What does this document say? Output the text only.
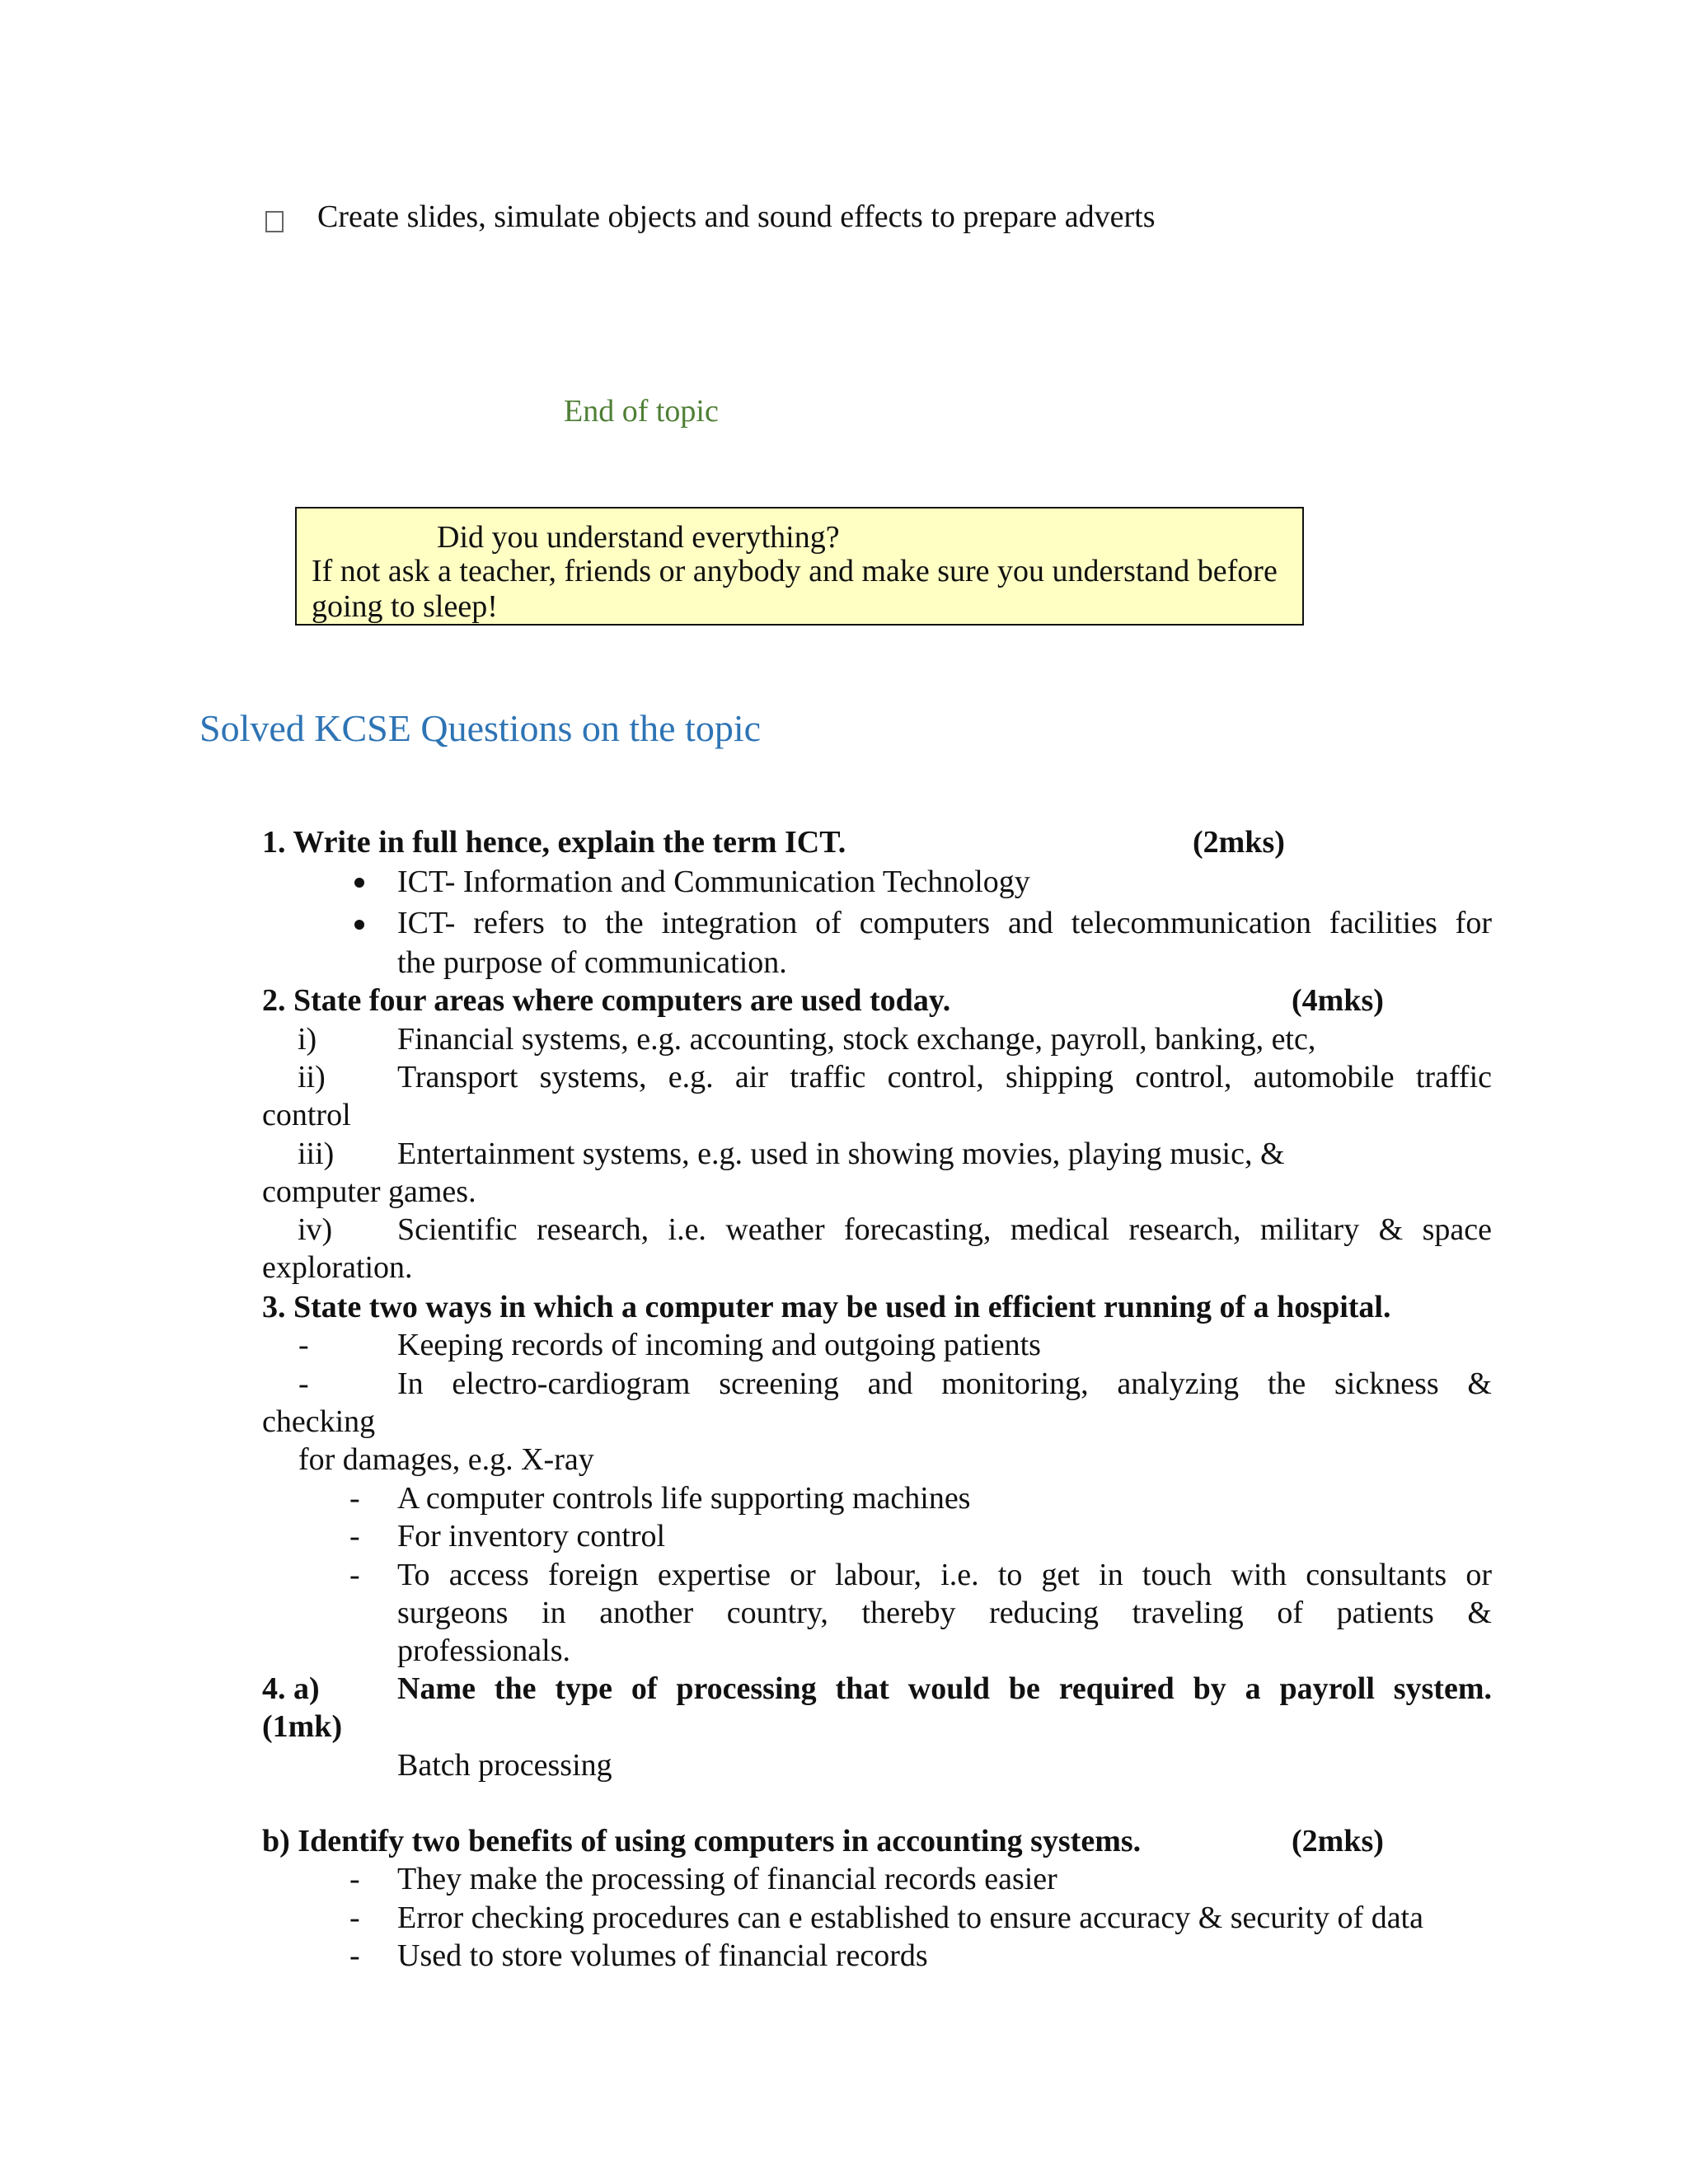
Create slides, simulate objects and sound effects to prepare adverts
End of topic
Did you understand everything?
If not ask a teacher, friends or anybody and make sure you understand before
going to sleep!
Solved KCSE Questions on the topic
1. Write in full hence, explain the term ICT.	(2mks)
ICT- Information and Communication Technology
ICT- refers to the integration of computers and telecommunication facilities for
the purpose of communication.
2. State four areas where computers are used today.	(4mks)
i)	Financial systems, e.g. accounting, stock exchange, payroll, banking, etc,
ii) Transport systems, e.g. air traffic control, shipping control, automobile traffic
control
iii) Entertainment systems, e.g. used in showing movies, playing music, &
computer games.
iv) Scientific research, i.e. weather forecasting, medical research, military & space
exploration.
3. State two ways in which a computer may be used in efficient running of a hospital.
-	Keeping records of incoming and outgoing patients
-	In electro-cardiogram screening and monitoring, analyzing the sickness &
checking
for damages, e.g. X-ray
- A computer controls life supporting machines
- For inventory control
- To access foreign expertise or labour, i.e. to get in touch with consultants or
surgeons in another country, thereby reducing traveling of patients &
professionals.
4. a) Name the type of processing that would be required by a payroll system.
(1mk)
Batch processing
b) Identify two benefits of using computers in accounting systems.	(2mks)
- They make the processing of financial records easier
- Error checking procedures can e established to ensure accuracy & security of data
- Used to store volumes of financial records
